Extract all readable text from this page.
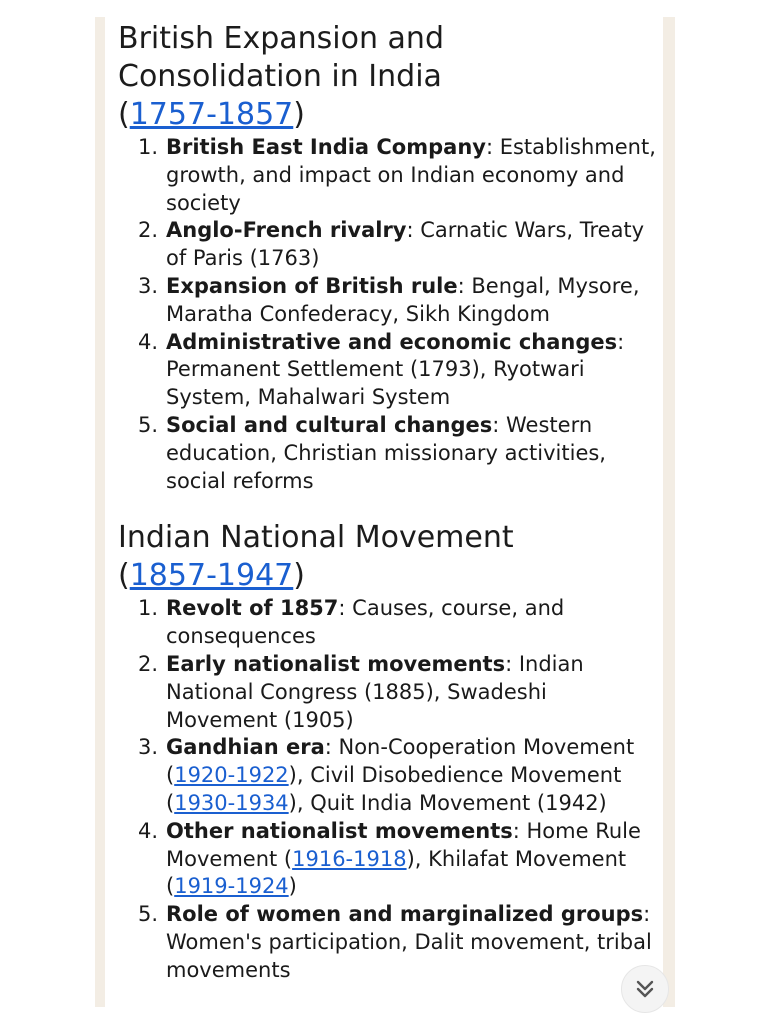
British Expansion and
Consolidation in India
(1757-1857)
1. British East India Company: Establishment, growth, and impact on Indian economy and society
2. Anglo-French rivalry: Carnatic Wars, Treaty of Paris (1763)
3. Expansion of British rule: Bengal, Mysore, Maratha Confederacy, Sikh Kingdom
4. Administrative and economic changes: Permanent Settlement (1793), Ryotwari System, Mahalwari System
5. Social and cultural changes: Western education, Christian missionary activities, social reforms
Indian National Movement
(1857-1947)
1. Revolt of 1857: Causes, course, and consequences
2. Early nationalist movements: Indian National Congress (1885), Swadeshi Movement (1905)
3. Gandhian era: Non-Cooperation Movement (1920-1922), Civil Disobedience Movement (1930-1934), Quit India Movement (1942)
4. Other nationalist movements: Home Rule Movement (1916-1918), Khilafat Movement (1919-1924)
5. Role of women and marginalized groups: Women's participation, Dalit movement, tribal movements
